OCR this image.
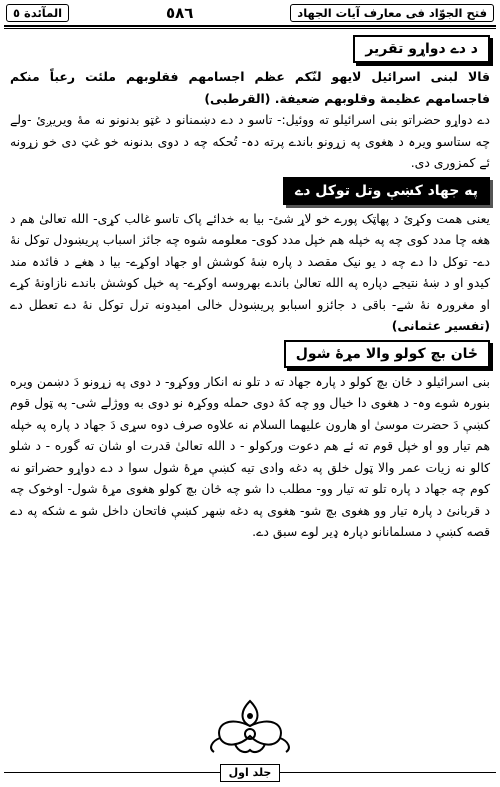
فتح الجوّاد فی معارف آیات الجهاد
٥٨٦
المآئدة ٥
د دے دواړو تقریر

قالا لبنی اسرائیل لایهو لنّکم عظم اجسامهم فقلوبهم ملئت رعباً منکم فاجسامهم عظیمة وقلوبهم ضعیفة. (القرطبی)

دے دواړو حضراتو بنی اسرائیلو ته ووئیل:- تاسو د دے دښمنانو د غټو بدنونو نه مهٔ ویریږئ -ولے چه ستاسو ویرہ د هغوی په زړونو باندے پرته دہ- تُحکه چه د دوی بدنونه خو غټ دی خو زړونه ئے کمزوری دی.

په جهاد کښې وتل توکل دے

یعنی همت وکړئ د پهاټک پورے خو لاړ شئ- بیا به خدائے پاک تاسو غالب کړی- الله تعالیٰ هم د هغه چا مدد کوی چه په خپله هم خپل مدد کوی- معلومه شوه چه جائز اسباب پریښودل توکل نهٔ دے- توکل دا دے چه د یو نیک مقصد د پاره ښهٔ کوشش او جهاد اوکړے- بیا د هغے د فائدہ مند کیدو او د ښهٔ نتیجے دپاره په الله تعالیٰ باندے بهروسه اوکړے- په خپل کوشش باندے نازاونهٔ کړے او مغرورہ نهٔ شے- باقی د جائزو اسبابو پریښودل خالی امیدونه ترل توکل نهٔ دے تعطل دے (تفسیر عثمانی)

ځان بچ کولو والا مړهٔ شول

بنی اسرائیلو د ځان بچ کولو د پارہ جهاد ته د تلو نه انکار ووکړو- د دوی په زړونو دَ دښمن ویره بنورہ شوے وہ- د هغوی دا خیال وو چه کهٔ دوی حمله ووکړہ نو دوی به ووژلے شی- په ټول قوم کښې دَ حضرت موسیٰ او هارون علیهما السلام نه علاوه صرف دوه سړی دَ جهاد د پاره په خپله هم تیار وو او خپل قوم ته ئے هم دعوت ورکولو - د الله تعالیٰ قدرت او شان ته گوره - د شلو کالو نه زیات عمر والا ټول خلق په دغه وادی تیه کښې مړهٔ شول سوا د دے دواړو حضراتو نه کوم چه جهاد د پاره تلو ته تیار وو- مطلب دا شو چه څان بچ کولو هغوی مړهٔ شول- اوخوک چه د قربانئ د پارہ تیار وو هغوی بچ شو- هغوی په دغه ښهر کښې فاتحان داخل شو ے شکه په دے قصه کښې د مسلمانانو دپارہ ډیر لوے سبق دے.

جلد اول
